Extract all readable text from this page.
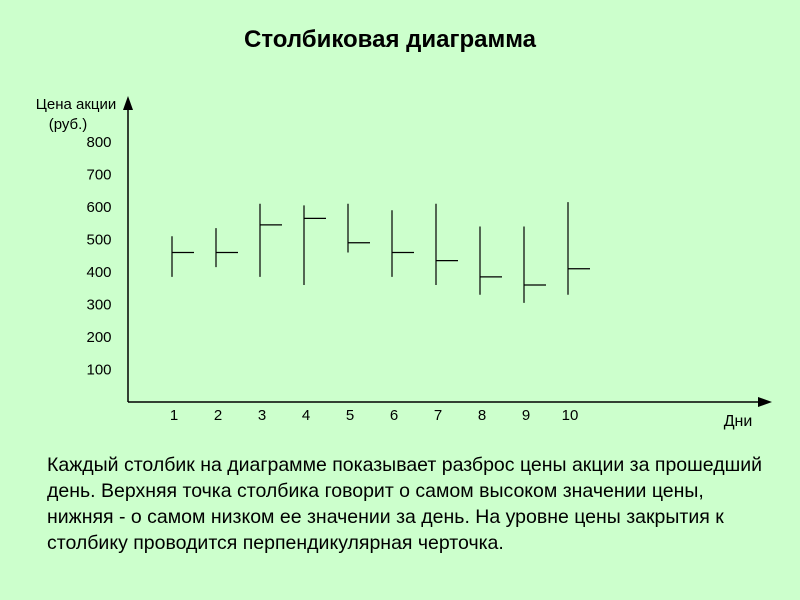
Столбиковая диаграмма
Цена акции
(руб.)
Дни
100
200
300
400
500
600
700
800
1 2 3 4 5 6 7 8 9 10
Каждый столбик на диаграмме показывает разброс цены акции за прошедший день. Верхняя точка столбика говорит о самом высоком значении цены, нижняя - о самом низком ее значении за день. На уровне цены закрытия к столбику проводится перпендикулярная черточка.
